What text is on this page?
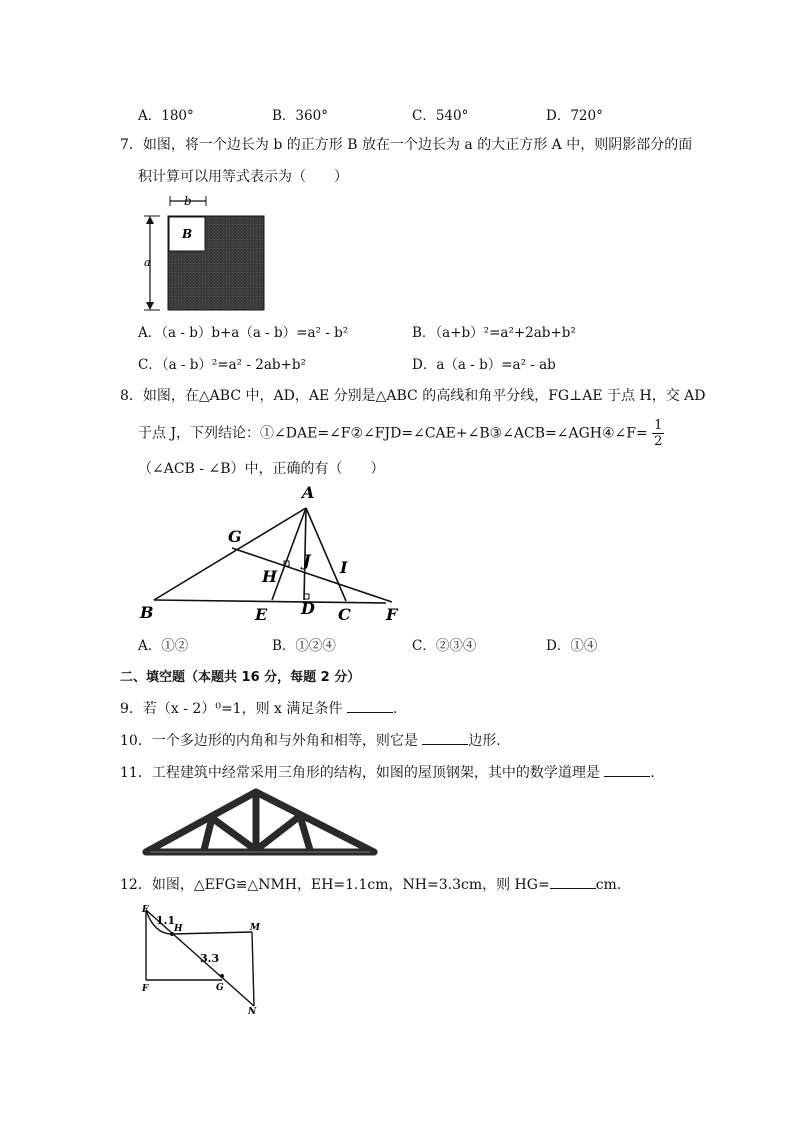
A．180°	B．360°	C．540°	D．720°
7．如图，将一个边长为 b 的正方形 B 放在一个边长为 a 的大正方形 A 中，则阴影部分的面
积计算可以用等式表示为（　　）
b
a
B
A．（a - b）b+a（a - b）=a² - b²	B．（a+b）²=a²+2ab+b²
C．（a - b）²=a² - 2ab+b²	D．a（a - b）=a² - ab
8．如图，在△ABC 中，AD，AE 分别是△ABC 的高线和角平分线，FG⊥AE 于点 H，交 AD
于点 J，下列结论：①∠DAE=∠F②∠FJD=∠CAE+∠B③∠ACB=∠AGH④∠F= $\frac{1}{2}$
（∠ACB - ∠B）中，正确的有（　　）
A
B	C
D
E	F
G
H	I
J
A．①②	B．①②④	C．②③④	D．①④
二、填空题（本题共 16 分，每题 2 分）
9．若（x - 2）⁰=1，则 x 满足条件	.
10．一个多边形的内角和与外角和相等，则它是	边形.
11．工程建筑中经常采用三角形的结构，如图的屋顶钢架，其中的数学道理是	.
12．如图，△EFG≌△NMH，EH=1.1cm，NH=3.3cm，则 HG=	cm.
E
H	M
F	G
N
1.1
3.3
